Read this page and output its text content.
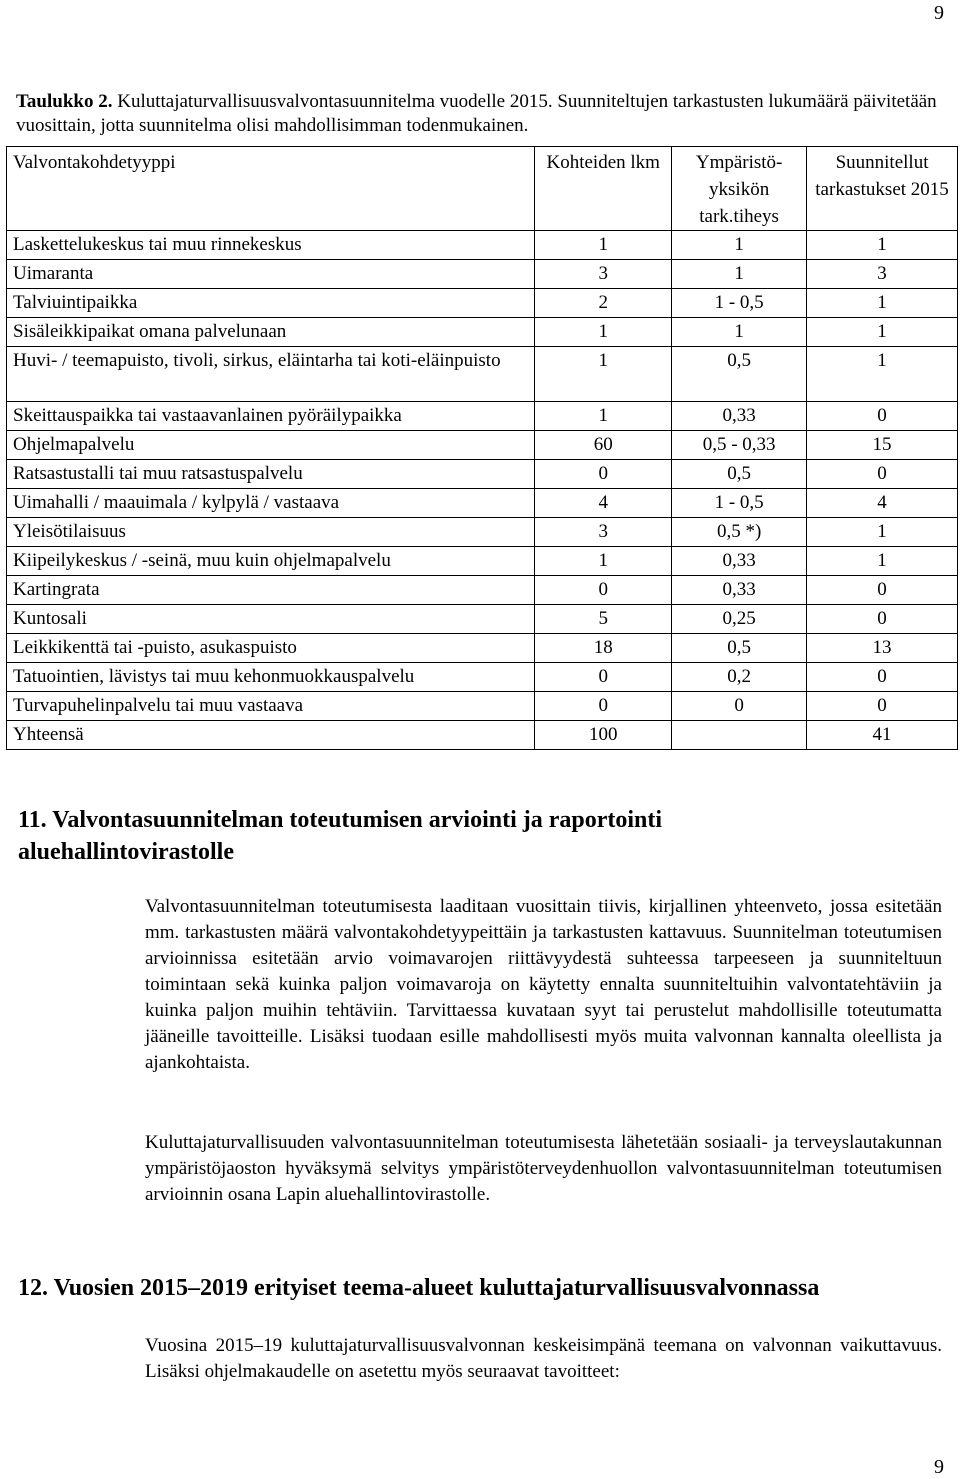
9
Taulukko 2. Kuluttajaturvallisuusvalvontasuunnitelma vuodelle 2015. Suunniteltujen tarkastusten lukumäärä päivitetään vuosittain, jotta suunnitelma olisi mahdollisimman todenmukainen.
Valvontakohdetyyppi	Kohteiden lkm	Ympäristö-yksikön tark.tiheys	Suunnitellut tarkastukset 2015
Laskettelukeskus tai muu rinnekeskus	1	1	1
Uimaranta	3	1	3
Talviuintipaikka	2	1 - 0,5	1
Sisäleikkipaikat omana palvelunaan	1	1	1
Huvi- / teemapuisto, tivoli, sirkus, eläintarha tai koti-eläinpuisto	1	0,5	1
Skeittauspaikka tai vastaavanlainen pyöräilypaikka	1	0,33	0
Ohjelmapalvelu	60	0,5 - 0,33	15
Ratsastustalli tai muu ratsastuspalvelu	0	0,5	0
Uimahalli / maauimala / kylpylä / vastaava	4	1 - 0,5	4
Yleisötilaisuus	3	0,5 *)	1
Kiipeilykeskus / -seinä, muu kuin ohjelmapalvelu	1	0,33	1
Kartingrata	0	0,33	0
Kuntosali	5	0,25	0
Leikkikenttä tai -puisto, asukaspuisto	18	0,5	13
Tatuointien, lävistys tai muu kehonmuokkauspalvelu	0	0,2	0
Turvapuhelinpalvelu tai muu vastaava	0	0	0
Yhteensä	100		41
11. Valvontasuunnitelman toteutumisen arviointi ja raportointi aluehallintovirastolle

Valvontasuunnitelman toteutumisesta laaditaan vuosittain tiivis, kirjallinen yhteenveto, jossa esitetään mm. tarkastusten määrä valvontakohdetyypeittäin ja tarkastusten kattavuus. Suunnitelman toteutumisen arvioinnissa esitetään arvio voimavarojen riittävyydestä suhteessa tarpeeseen ja suunniteltuun toimintaan sekä kuinka paljon voimavaroja on käytetty ennalta suunniteltuihin valvontatehtäviin ja kuinka paljon muihin tehtäviin. Tarvittaessa kuvataan syyt tai perustelut mahdollisille toteutumatta jääneille tavoitteille. Lisäksi tuodaan esille mahdollisesti myös muita valvonnan kannalta oleellista ja ajankohtaista.

Kuluttajaturvallisuuden valvontasuunnitelman toteutumisesta lähetetään sosiaali- ja terveyslautakunnan ympäristöjaoston hyväksymä selvitys ympäristöterveydenhuollon valvontasuunnitelman toteutumisen arvioinnin osana Lapin aluehallintovirastolle.

12. Vuosien 2015–2019 erityiset teema-alueet kuluttajaturvallisuusvalvonnassa

Vuosina 2015–19 kuluttajaturvallisuusvalvonnan keskeisimpänä teemana on valvonnan vaikuttavuus. Lisäksi ohjelmakaudelle on asetettu myös seuraavat tavoitteet:

9
